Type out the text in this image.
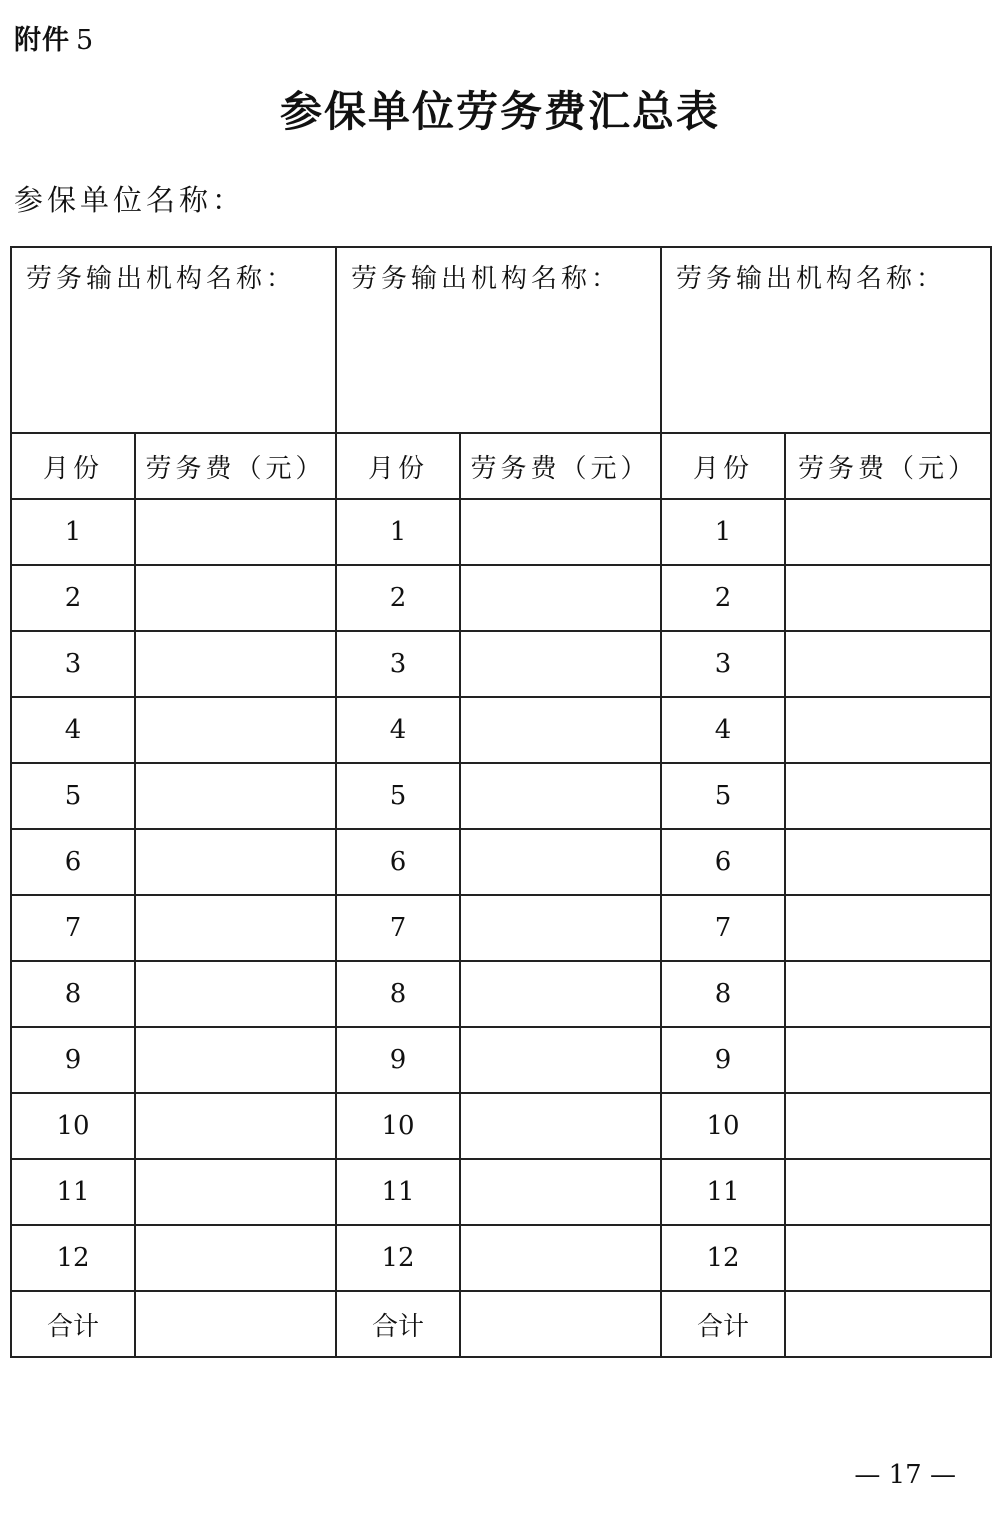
附件 5
参保单位劳务费汇总表
参保单位名称：
劳务输出机构名称：		劳务输出机构名称：		劳务输出机构名称：	
月份	劳务费（元）	月份	劳务费（元）	月份	劳务费（元）
1		1		1	
2		2		2	
3		3		3	
4		4		4	
5		5		5	
6		6		6	
7		7		7	
8		8		8	
9		9		9	
10		10		10	
11		11		11	
12		12		12	
合计		合计		合计	
— 17 —
